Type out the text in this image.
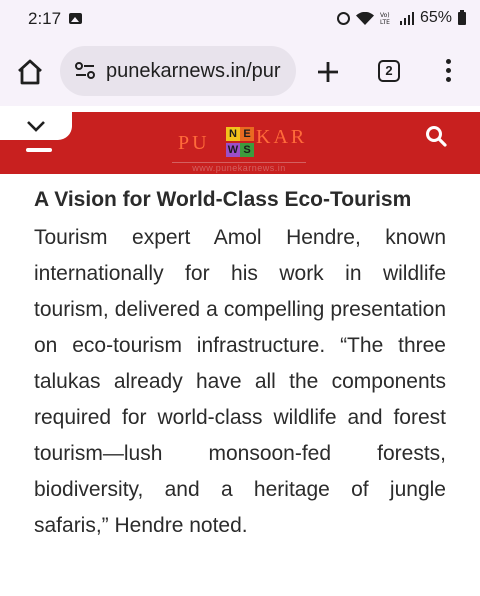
2:17	Vo)
LTE 65%
punekarnews.in/pur	2
PU N E
W S
KAR
www.punekarnews.in
A Vision for World-Class Eco-Tourism

Tourism expert Amol Hendre, known internationally for his work in wildlife tourism, delivered a compelling presentation on eco-tourism infrastructure. “The three talukas already have all the components required for world-class wildlife and forest tourism—lush monsoon-fed forests, biodiversity, and a heritage of jungle safaris,” Hendre noted.
